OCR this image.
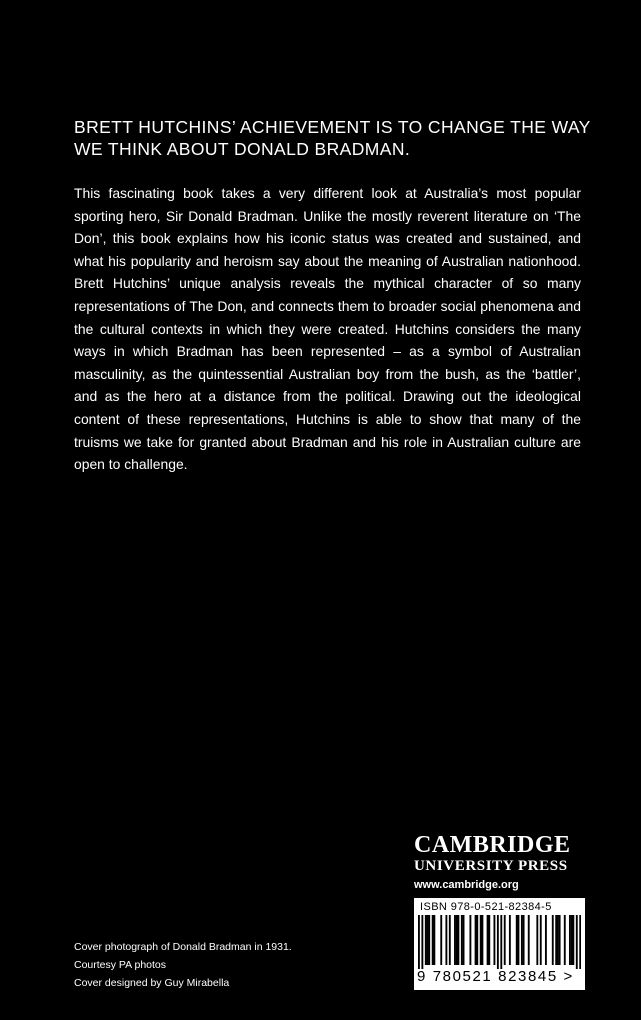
BRETT HUTCHINS’ ACHIEVEMENT IS TO CHANGE THE WAY
WE THINK ABOUT DONALD BRADMAN.

This fascinating book takes a very different look at Australia’s most popular sporting hero, Sir Donald Bradman. Unlike the mostly reverent literature on ‘The Don’, this book explains how his iconic status was created and sustained, and what his popularity and heroism say about the meaning of Australian nationhood. Brett Hutchins’ unique analysis reveals the mythical character of so many representations of The Don, and connects them to broader social phenomena and the cultural contexts in which they were created. Hutchins considers the many ways in which Bradman has been represented – as a symbol of Australian masculinity, as the quintessential Australian boy from the bush, as the ‘battler’, and as the hero at a distance from the political. Drawing out the ideological content of these representations, Hutchins is able to show that many of the truisms we take for granted about Bradman and his role in Australian culture are open to challenge.

Cover photograph of Donald Bradman in 1931.
Courtesy PA photos
Cover designed by Guy Mirabella
CAMBRIDGE
UNIVERSITY PRESS
www.cambridge.org
ISBN 978-0-521-82384-5
9 780521 823845 >
